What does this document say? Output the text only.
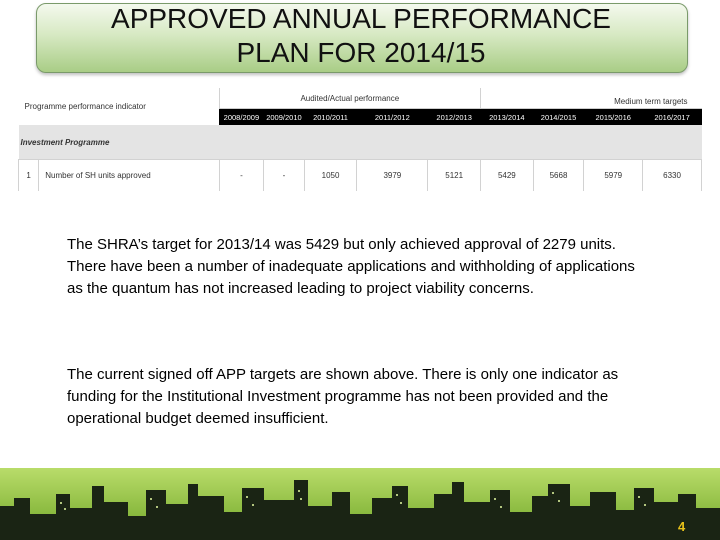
APPROVED ANNUAL PERFORMANCE
PLAN FOR 2014/15
Programme performance indicator		Audited/Actual performance					Medium term targets			
		2008/2009	2009/2010	2010/2011	2011/2012	2012/2013	2013/2014	2014/2015	2015/2016	2016/2017
Investment Programme										
1	Number of SH units approved	-	-	1050	3979	5121	5429	5668	5979	6330

The SHRA’s target for 2013/14 was 5429 but only achieved approval of 2279 units. There have been a number of inadequate applications and withholding of applications as the quantum has not increased leading to project viability concerns.

The current signed off APP targets are shown above. There is only one indicator as funding for the Institutional Investment programme has not been provided and the operational budget deemed insufficient.

4
